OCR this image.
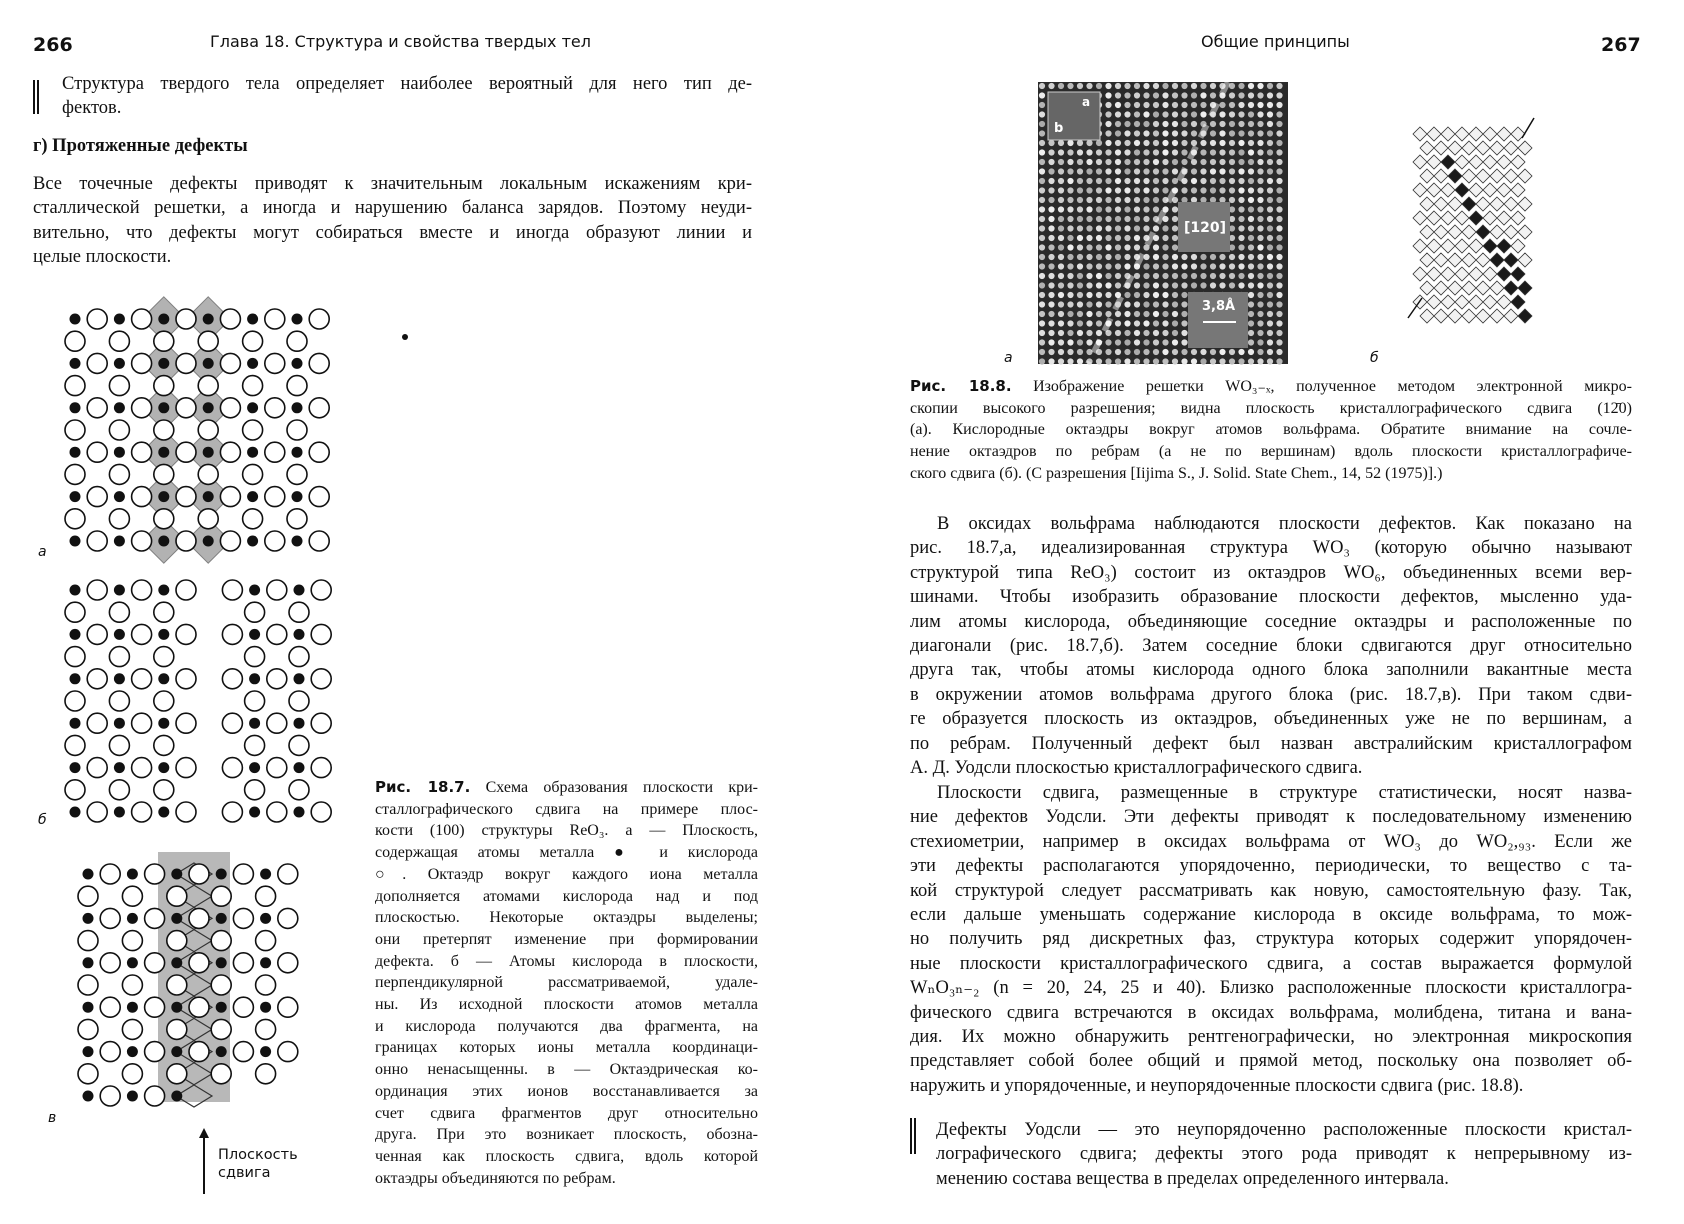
266	Глава 18. Структура и свойства твердых тел
Структура твердого тела определяет наиболее вероятный для него тип де-
фектов.
г) Протяженные дефекты
Все точечные дефекты приводят к значительным локальным искажениям кри-
сталлической решетки, а иногда и нарушению баланса зарядов. Поэтому неуди-
вительно, что дефекты могут собираться вместе и иногда образуют линии и
целые плоскости.
а
б
в
Плоскость
сдвига
Рис. 18.7. Схема образования плоскости кри-
сталлографического сдвига на примере плос-
кости (100) структуры ReO₃. а — Плоскость,
содержащая атомы металла ● и кислорода
○. Октаэдр вокруг каждого иона металла
дополняется атомами кислорода над и под
плоскостью. Некоторые октаэдры выделены;
они претерпят изменение при формировании
дефекта. б — Атомы кислорода в плоскости,
перпендикулярной рассматриваемой, удале-
ны. Из исходной плоскости атомов металла
и кислорода получаются два фрагмента, на
границах которых ионы металла координаци-
онно ненасыщенны. в — Октаэдрическая ко-
ординация этих ионов восстанавливается за
счет сдвига фрагментов друг относительно
друга. При это возникает плоскость, обозна-
ченная как плоскость сдвига, вдоль которой
октаэдры объединяются по ребрам.
Общие принципы	267
a
b
[120]
3,8Å
а	б
Рис. 18.8. Изображение решетки WO₃₋ₓ, полученное методом электронной микро-
скопии высокого разрешения; видна плоскость кристаллографического сдвига (12̄0)
(а). Кислородные октаэдры вокруг атомов вольфрама. Обратите внимание на сочле-
нение октаэдров по ребрам (а не по вершинам) вдоль плоскости кристаллографиче-
ского сдвига (б). (С разрешения [Iijima S., J. Solid. State Chem., 14, 52 (1975)].)
В оксидах вольфрама наблюдаются плоскости дефектов. Как показано на
рис. 18.7,а, идеализированная структура WO₃ (которую обычно называют
структурой типа ReO₃) состоит из октаэдров WO₆, объединенных всеми вер-
шинами. Чтобы изобразить образование плоскости дефектов, мысленно уда-
лим атомы кислорода, объединяющие соседние октаэдры и расположенные по
диагонали (рис. 18.7,б). Затем соседние блоки сдвигаются друг относительно
друга так, чтобы атомы кислорода одного блока заполнили вакантные места
в окружении атомов вольфрама другого блока (рис. 18.7,в). При таком сдви-
ге образуется плоскость из октаэдров, объединенных уже не по вершинам, а
по ребрам. Полученный дефект был назван австралийским кристаллографом
А. Д. Уодсли плоскостью кристаллографического сдвига.
Плоскости сдвига, размещенные в структуре статистически, носят назва-
ние дефектов Уодсли. Эти дефекты приводят к последовательному изменению
стехиометрии, например в оксидах вольфрама от WO₃ до WO₂,₉₃. Если же
эти дефекты располагаются упорядоченно, периодически, то вещество с та-
кой структурой следует рассматривать как новую, самостоятельную фазу. Так,
если дальше уменьшать содержание кислорода в оксиде вольфрама, то мож-
но получить ряд дискретных фаз, структура которых содержит упорядочен-
ные плоскости кристаллографического сдвига, а состав выражается формулой
WₙO₃ₙ₋₂ (n = 20, 24, 25 и 40). Близко расположенные плоскости кристаллогра-
фического сдвига встречаются в оксидах вольфрама, молибдена, титана и вана-
дия. Их можно обнаружить рентгенографически, но электронная микроскопия
представляет собой более общий и прямой метод, поскольку она позволяет об-
наружить и упорядоченные, и неупорядоченные плоскости сдвига (рис. 18.8).
Дефекты Уодсли — это неупорядоченно расположенные плоскости кристал-
лографического сдвига; дефекты этого рода приводят к непрерывному из-
менению состава вещества в пределах определенного интервала.
